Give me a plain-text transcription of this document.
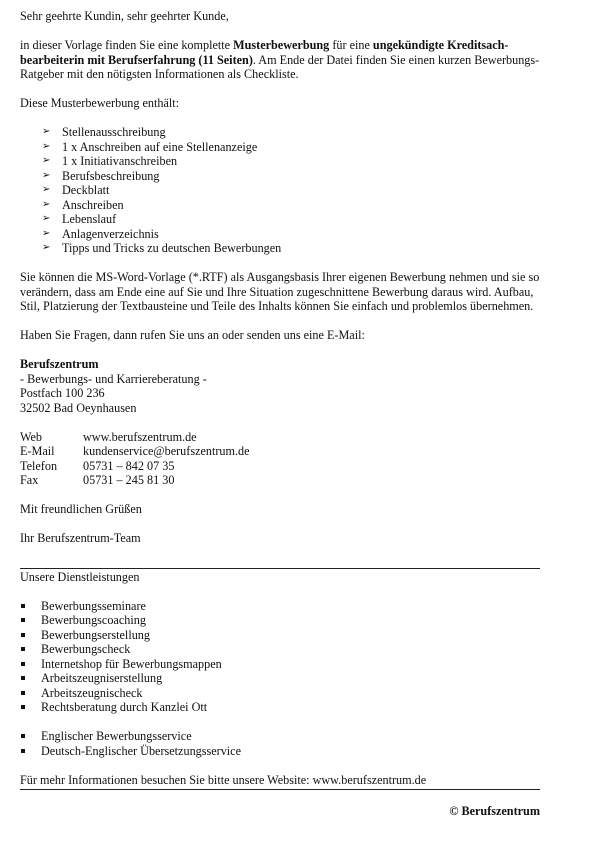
Sehr geehrte Kundin, sehr geehrter Kunde,

in dieser Vorlage finden Sie eine komplette Musterbewerbung für eine ungekündigte Kreditsach-bearbeiterin mit Berufserfahrung (11 Seiten). Am Ende der Datei finden Sie einen kurzen Bewerbungs-Ratgeber mit den nötigsten Informationen als Checkliste.

Diese Musterbewerbung enthält:

➢ Stellenausschreibung
➢ 1 x Anschreiben auf eine Stellenanzeige
➢ 1 x Initiativanschreiben
➢ Berufsbeschreibung
➢ Deckblatt
➢ Anschreiben
➢ Lebenslauf
➢ Anlagenverzeichnis
➢ Tipps und Tricks zu deutschen Bewerbungen

Sie können die MS-Word-Vorlage (*.RTF) als Ausgangsbasis Ihrer eigenen Bewerbung nehmen und sie so verändern, dass am Ende eine auf Sie und Ihre Situation zugeschnittene Bewerbung daraus wird. Aufbau, Stil, Platzierung der Textbausteine und Teile des Inhalts können Sie einfach und problemlos übernehmen.

Haben Sie Fragen, dann rufen Sie uns an oder senden uns eine E-Mail:

Berufszentrum

- Bewerbungs- und Karriereberatung -

Postfach 100 236

32502 Bad Oeynhausen

Web	www.berufszentrum.de
E-Mail	kundenservice@berufszentrum.de
Telefon	05731 – 842 07 35
Fax	05731 – 245 81 30

Mit freundlichen Grüßen

Ihr Berufszentrum-Team

Unsere Dienstleistungen

Bewerbungsseminare
Bewerbungscoaching
Bewerbungserstellung
Bewerbungscheck
Internetshop für Bewerbungsmappen
Arbeitszeugniserstellung
Arbeitszeugnischeck
Rechtsberatung durch Kanzlei Ott
Englischer Bewerbungsservice
Deutsch-Englischer Übersetzungsservice

Für mehr Informationen besuchen Sie bitte unsere Website: www.berufszentrum.de

© Berufszentrum
